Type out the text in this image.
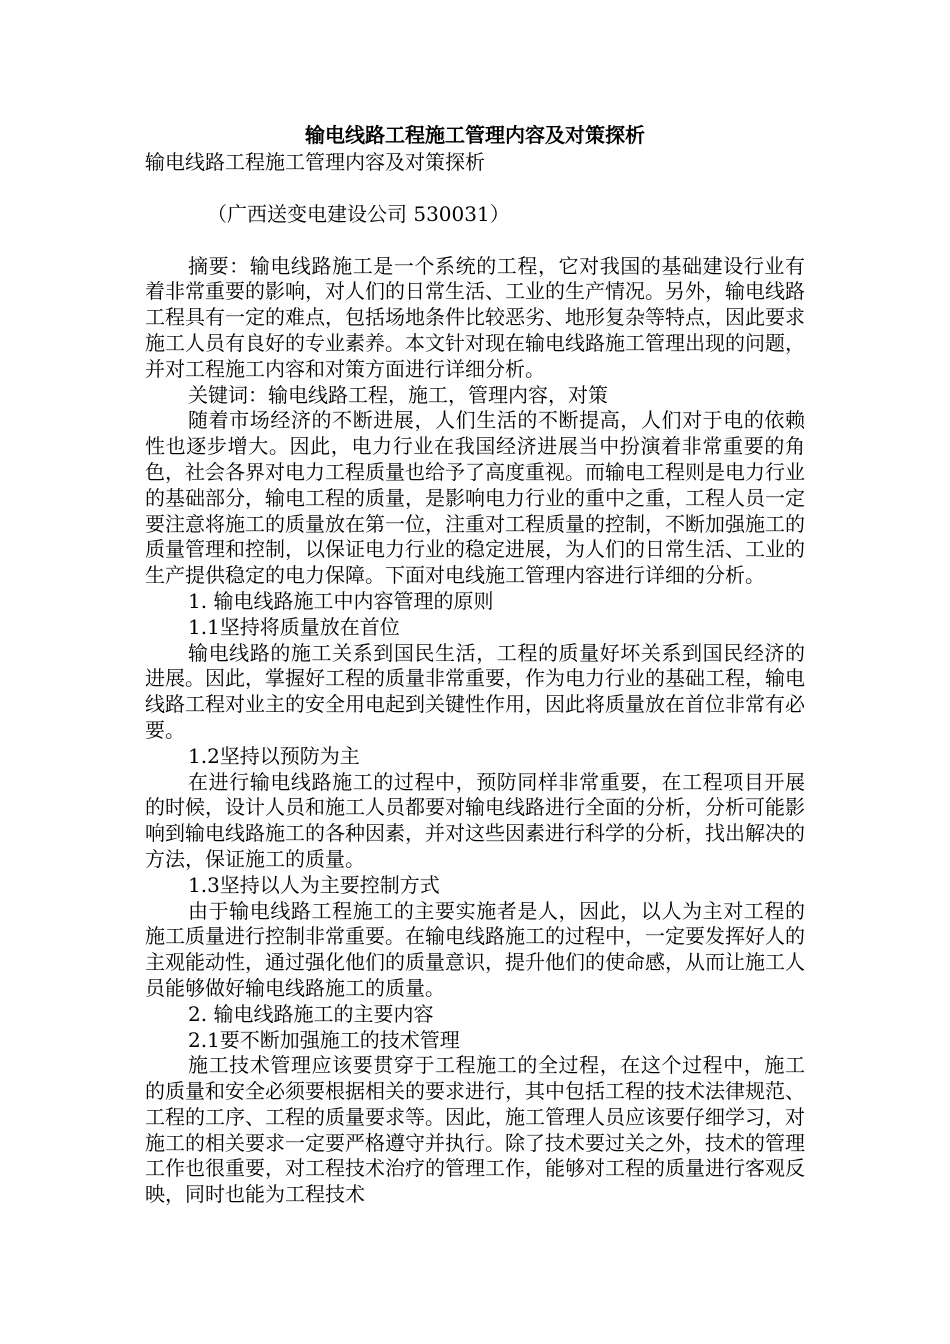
输电线路工程施工管理内容及对策探析

输电线路工程施工管理内容及对策探析

（广西送变电建设公司 530031）

摘要：输电线路施工是一个系统的工程，它对我国的基础建设行业有着非常重要的影响，对人们的日常生活、工业的生产情况。另外，输电线路工程具有一定的难点，包括场地条件比较恶劣、地形复杂等特点，因此要求施工人员有良好的专业素养。本文针对现在输电线路施工管理出现的问题，并对工程施工内容和对策方面进行详细分析。

关键词：输电线路工程，施工，管理内容，对策

随着市场经济的不断进展，人们生活的不断提高，人们对于电的依赖性也逐步增大。因此，电力行业在我国经济进展当中扮演着非常重要的角色，社会各界对电力工程质量也给予了高度重视。而输电工程则是电力行业的基础部分，输电工程的质量，是影响电力行业的重中之重，工程人员一定要注意将施工的质量放在第一位，注重对工程质量的控制，不断加强施工的质量管理和控制，以保证电力行业的稳定进展，为人们的日常生活、工业的生产提供稳定的电力保障。下面对电线施工管理内容进行详细的分析。

1. 输电线路施工中内容管理的原则

1.1坚持将质量放在首位

输电线路的施工关系到国民生活，工程的质量好坏关系到国民经济的进展。因此，掌握好工程的质量非常重要，作为电力行业的基础工程，输电线路工程对业主的安全用电起到关键性作用，因此将质量放在首位非常有必要。

1.2坚持以预防为主

在进行输电线路施工的过程中，预防同样非常重要，在工程项目开展的时候，设计人员和施工人员都要对输电线路进行全面的分析，分析可能影响到输电线路施工的各种因素，并对这些因素进行科学的分析，找出解决的方法，保证施工的质量。

1.3坚持以人为主要控制方式

由于输电线路工程施工的主要实施者是人，因此，以人为主对工程的施工质量进行控制非常重要。在输电线路施工的过程中，一定要发挥好人的主观能动性，通过强化他们的质量意识，提升他们的使命感，从而让施工人员能够做好输电线路施工的质量。

2. 输电线路施工的主要内容

2.1要不断加强施工的技术管理

施工技术管理应该要贯穿于工程施工的全过程，在这个过程中，施工的质量和安全必须要根据相关的要求进行，其中包括工程的技术法律规范、工程的工序、工程的质量要求等。因此，施工管理人员应该要仔细学习，对施工的相关要求一定要严格遵守并执行。除了技术要过关之外，技术的管理工作也很重要，对工程技术治疗的管理工作，能够对工程的质量进行客观反映，同时也能为工程技术
